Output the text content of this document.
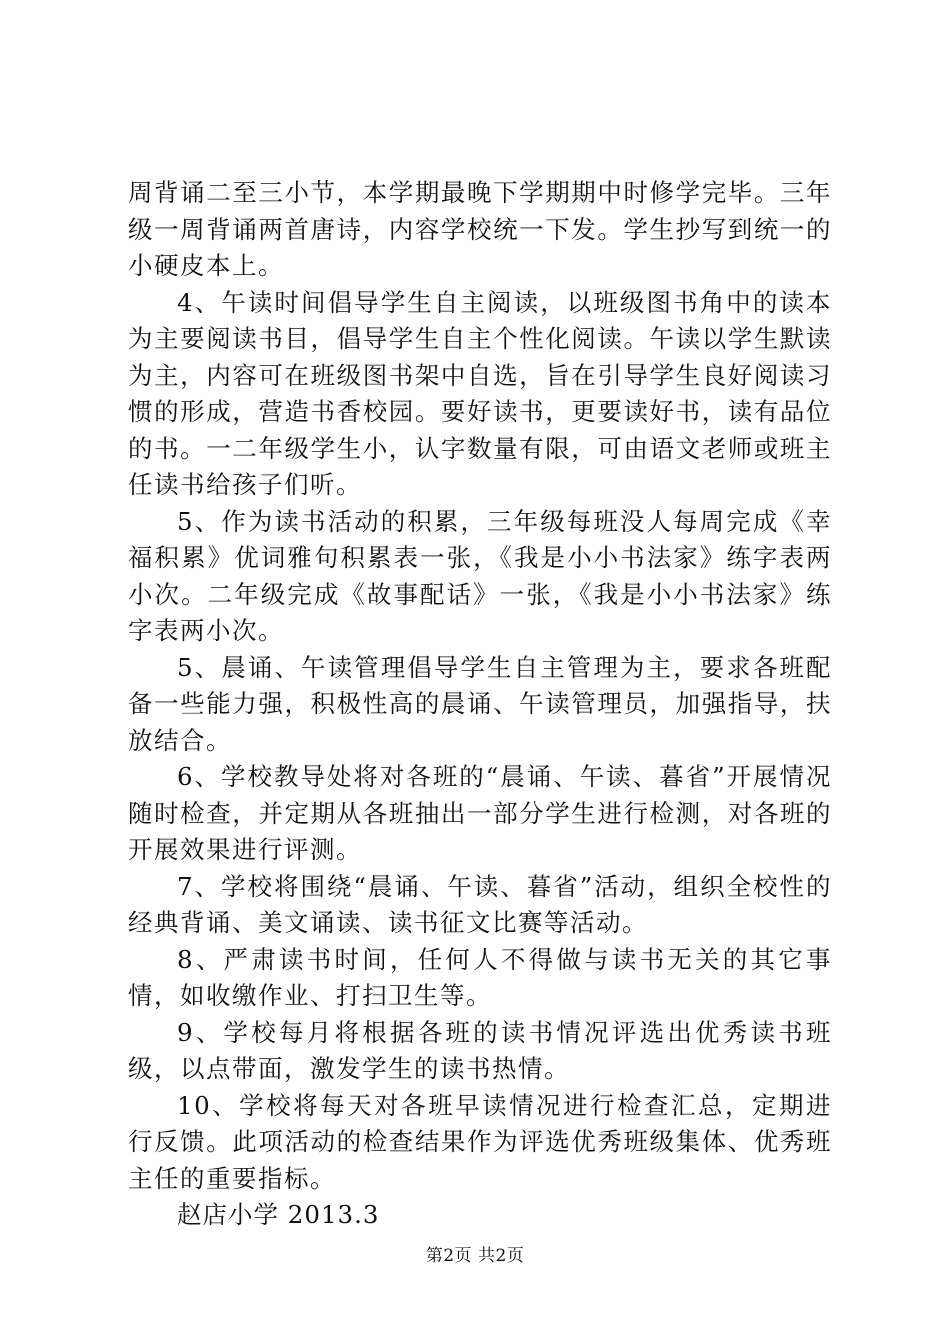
周背诵二至三小节，本学期最晚下学期期中时修学完毕。三年级一周背诵两首唐诗，内容学校统一下发。学生抄写到统一的小硬皮本上。

4、午读时间倡导学生自主阅读，以班级图书角中的读本为主要阅读书目，倡导学生自主个性化阅读。午读以学生默读为主，内容可在班级图书架中自选，旨在引导学生良好阅读习惯的形成，营造书香校园。要好读书，更要读好书，读有品位的书。一二年级学生小，认字数量有限，可由语文老师或班主任读书给孩子们听。

5、作为读书活动的积累，三年级每班没人每周完成《幸福积累》优词雅句积累表一张，《我是小小书法家》练字表两小次。二年级完成《故事配话》一张，《我是小小书法家》练字表两小次。

5、晨诵、午读管理倡导学生自主管理为主，要求各班配备一些能力强，积极性高的晨诵、午读管理员，加强指导，扶放结合。

6、学校教导处将对各班的“晨诵、午读、暮省”开展情况随时检查，并定期从各班抽出一部分学生进行检测，对各班的开展效果进行评测。

7、学校将围绕“晨诵、午读、暮省”活动，组织全校性的经典背诵、美文诵读、读书征文比赛等活动。

8、严肃读书时间，任何人不得做与读书无关的其它事情，如收缴作业、打扫卫生等。

9、学校每月将根据各班的读书情况评选出优秀读书班级，以点带面，激发学生的读书热情。

10、学校将每天对各班早读情况进行检查汇总，定期进行反馈。此项活动的检查结果作为评选优秀班级集体、优秀班主任的重要指标。

赵店小学 2013.3

第2页 共2页
